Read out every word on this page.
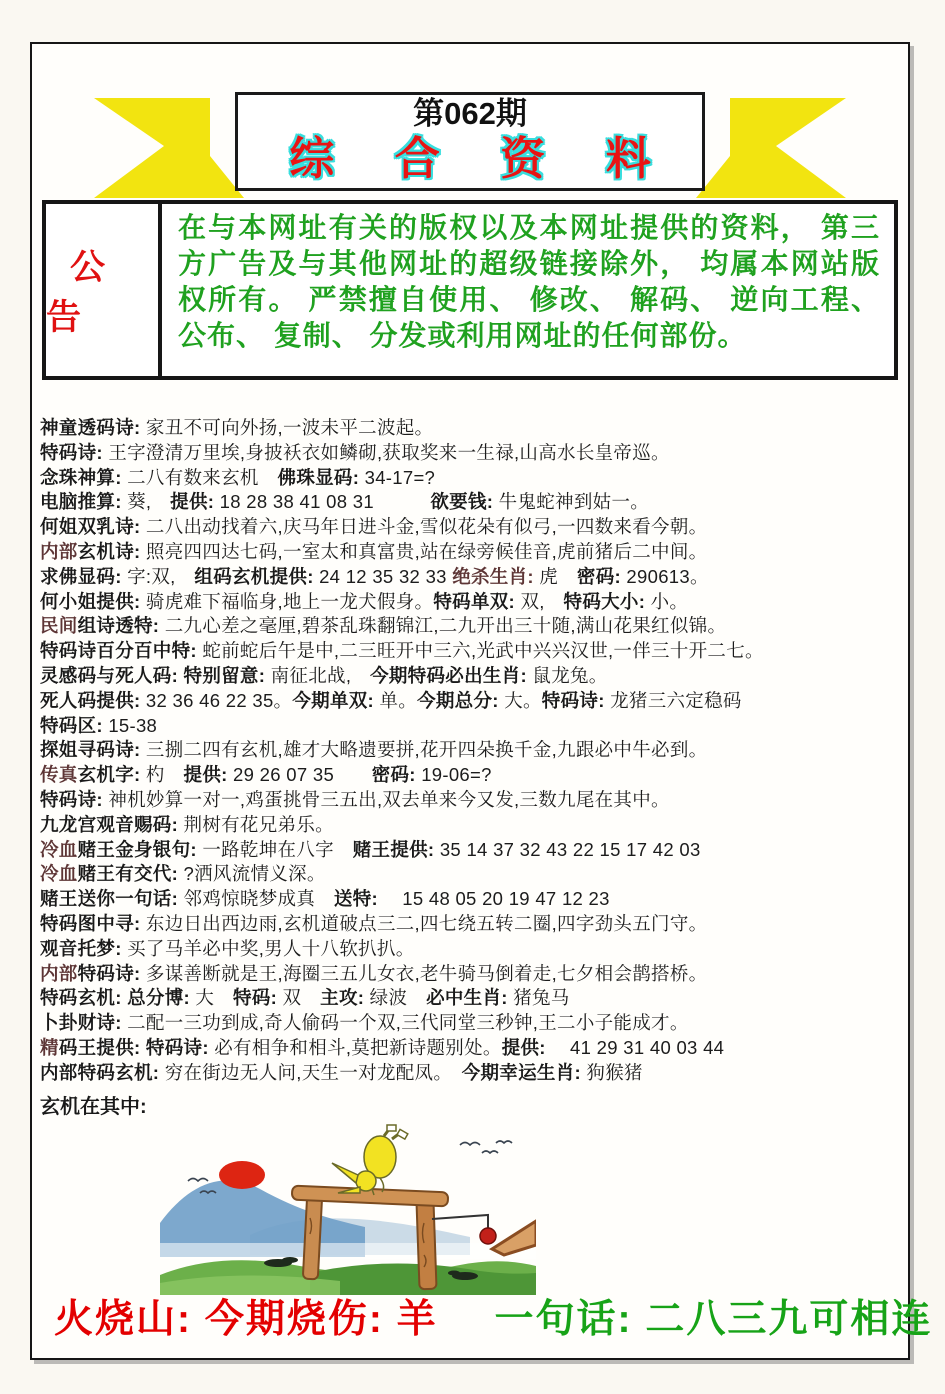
第062期
综 合 资 料
公 告
在与本网址有关的版权以及本网址提供的资料， 第三方广告及与其他网址的超级链接除外， 均属本网站版权所有。 严禁擅自使用、 修改、 解码、 逆向工程、 公布、 复制、 分发或利用网址的任何部份。
神童透码诗: 家丑不可向外扬,一波未平二波起。
特码诗: 王字澄清万里埃,身披袄衣如鳞砌,获取奖来一生禄,山高水长皇帝巡。
念珠神算: 二八有数来玄机　佛珠显码: 34-17=?
电脑推算: 葵,　提供: 18 28 38 41 08 31　　　欲要钱: 牛鬼蛇神到姑一。
何姐双乳诗: 二八出动找着六,庆马年日进斗金,雪似花朵有似弓,一四数来看今朝。
内部玄机诗: 照亮四四达七码,一室太和真富贵,站在绿旁候佳音,虎前猪后二中间。
求佛显码: 字:双,　组码玄机提供: 24 12 35 32 33 绝杀生肖: 虎　密码: 290613。
何小姐提供: 骑虎难下福临身,地上一龙犬假身。特码单双: 双,　特码大小: 小。
民间组诗透特: 二九心差之毫厘,碧茶乱珠翻锦江,二九开出三十随,满山花果红似锦。
特码诗百分百中特: 蛇前蛇后午是中,二三旺开中三六,光武中兴兴汉世,一伴三十开二七。
灵感码与死人码: 特别留意: 南征北战,　今期特码必出生肖: 鼠龙兔。
死人码提供: 32 36 46 22 35。今期单双: 单。今期总分: 大。特码诗: 龙猪三六定稳码
特码区: 15-38
探姐寻码诗: 三捌二四有玄机,雄才大略遗要拼,花开四朵换千金,九跟必中牛必到。
传真玄机字: 杓　提供: 29 26 07 35　　密码: 19-06=?
特码诗: 神机妙算一对一,鸡蛋挑骨三五出,双去单来今又发,三数九尾在其中。
九龙宫观音赐码: 荆树有花兄弟乐。
冷血赌王金身银句: 一路乾坤在八字　赌王提供: 35 14 37 32 43 22 15 17 42 03
冷血赌王有交代: ?洒风流情义深。
赌王送你一句话: 邻鸡惊晓梦成真　送特: 　15 48 05 20 19 47 12 23
特码图中寻: 东边日出西边雨,玄机道破点三二,四七绕五转二圈,四字劲头五门守。
观音托梦: 买了马羊必中奖,男人十八软扒扒。
内部特码诗: 多谋善断就是王,海圈三五儿女衣,老牛骑马倒着走,七夕相会鹊搭桥。
特码玄机: 总分博: 大　特码: 双　主攻: 绿波　必中生肖: 猪兔马
卜卦财诗: 二配一三功到成,奇人偷码一个双,三代同堂三秒钟,王二小子能成才。
精码王提供: 特码诗: 必有相争和相斗,莫把新诗题别处。提供: 　41 29 31 40 03 44
内部特码玄机: 穷在街边无人问,天生一对龙配凤。　今期幸运生肖: 狗猴猪
玄机在其中:
火烧山: 今期烧伤: 羊 一句话: 二八三九可相连
